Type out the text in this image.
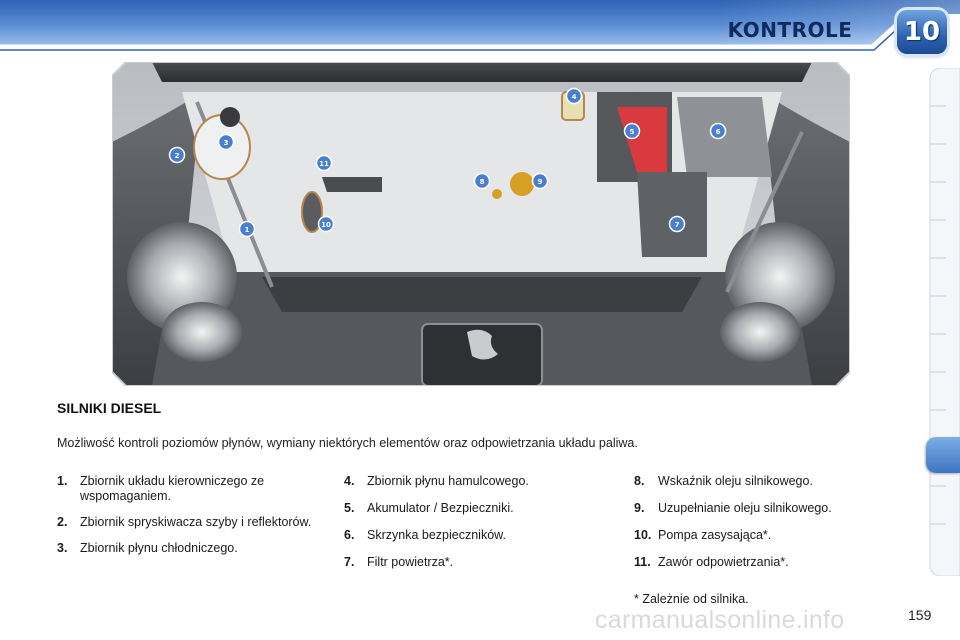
KONTROLE	10
1
2
3
4
5	6
7
8	9
10
11
SILNIKI DIESEL
Możliwość kontroli poziomów płynów, wymiany niektórych elementów oraz odpowietrzania układu paliwa.
1. Zbiornik układu kierowniczego ze wspomaganiem.
2. Zbiornik spryskiwacza szyby i reflektorów.
3. Zbiornik płynu chłodniczego.
4. Zbiornik płynu hamulcowego.
5. Akumulator / Bezpieczniki.
6. Skrzynka bezpieczników.
7. Filtr powietrza*.
8. Wskaźnik oleju silnikowego.
9. Uzupełnianie oleju silnikowego.
10. Pompa zasysająca*.
11. Zawór odpowietrzania*.
* Zależnie od silnika.
carmanualsonline.info	159
